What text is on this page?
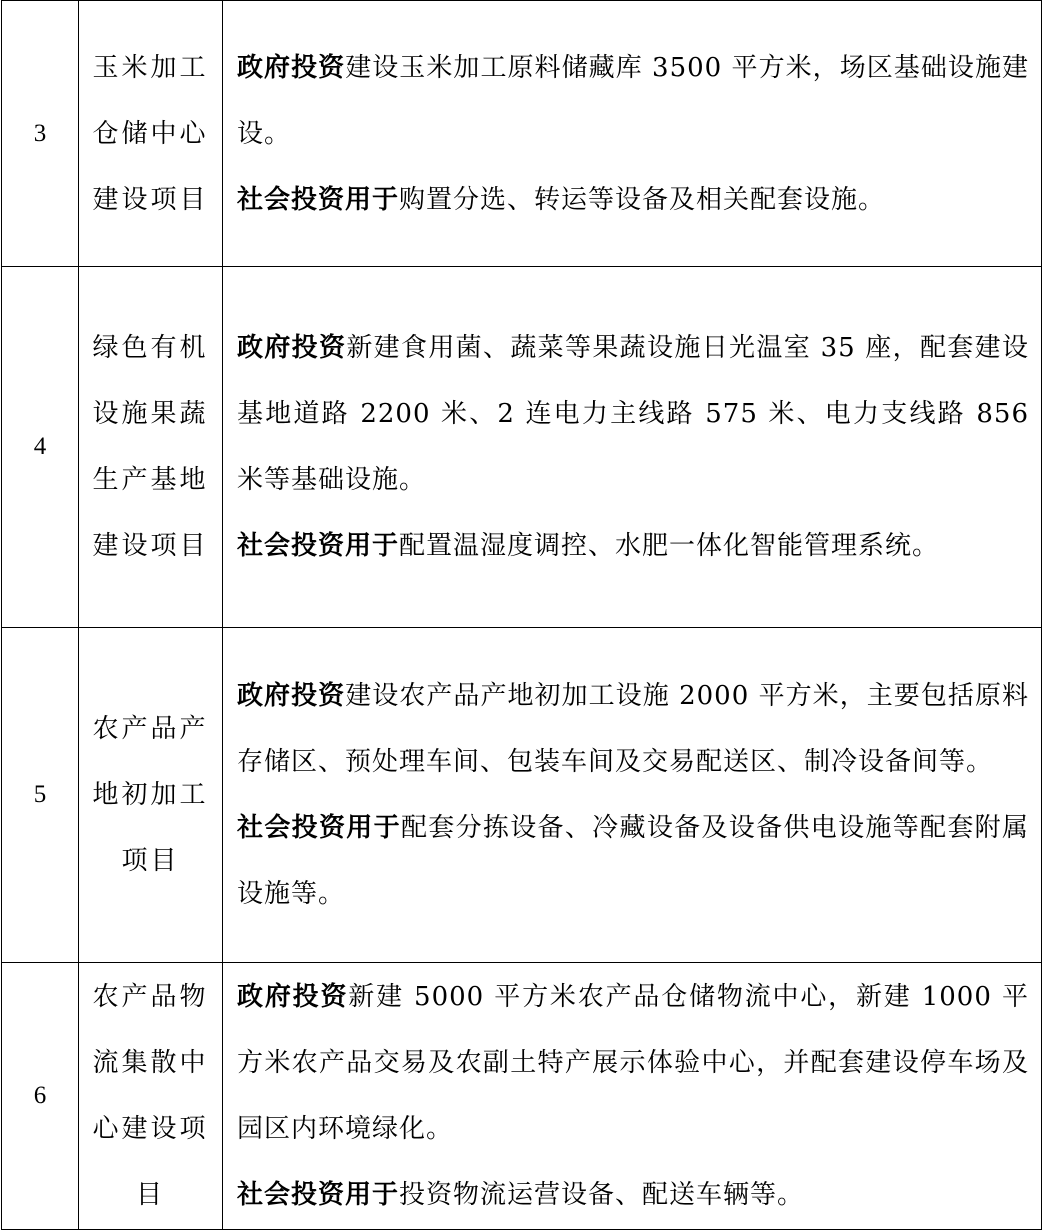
3	玉米加工仓储中心建设项目	政府投资建设玉米加工原料储藏库 3500 平方米，场区基础设施建设。

社会投资用于购置分选、转运等设备及相关配套设施。

4	绿色有机设施果蔬生产基地建设项目	政府投资新建食用菌、蔬菜等果蔬设施日光温室 35 座，配套建设基地道路 2200 米、2 连电力主线路 575 米、电力支线路 856 米等基础设施。

社会投资用于配置温湿度调控、水肥一体化智能管理系统。

5	农产品产地初加工项目	政府投资建设农产品产地初加工设施 2000 平方米，主要包括原料存储区、预处理车间、包装车间及交易配送区、制冷设备间等。

社会投资用于配套分拣设备、冷藏设备及设备供电设施等配套附属设施等。

6	农产品物流集散中心建设项目	政府投资新建 5000 平方米农产品仓储物流中心，新建 1000 平方米农产品交易及农副土特产展示体验中心，并配套建设停车场及园区内环境绿化。

社会投资用于投资物流运营设备、配送车辆等。
